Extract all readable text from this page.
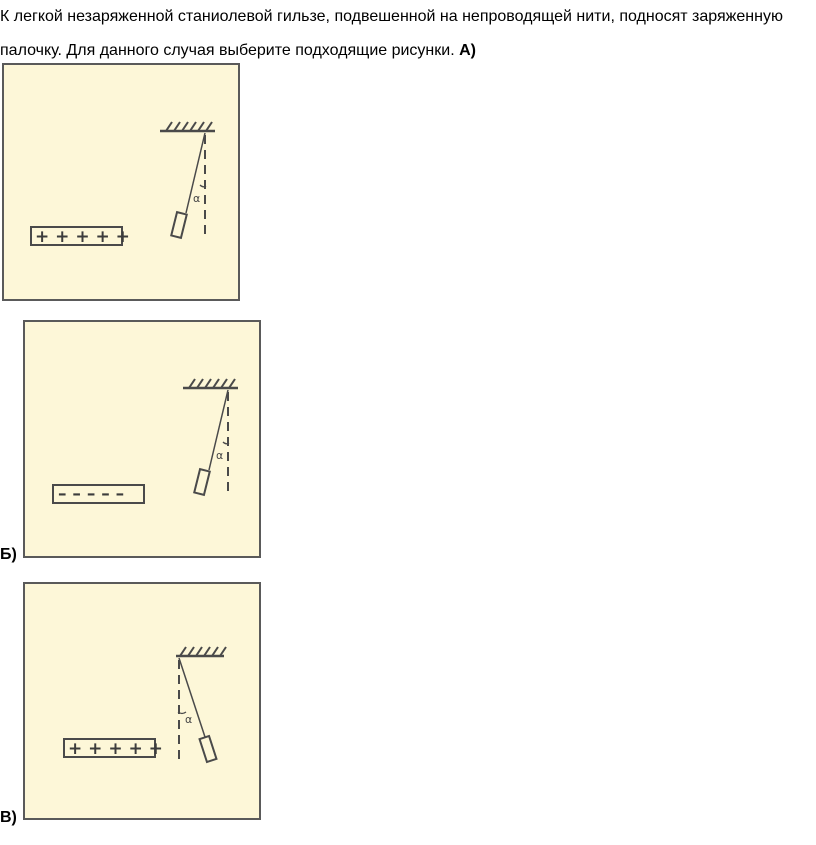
К легкой незаряженной станиолевой гильзе, подвешенной на непроводящей нити, подносят заряженную палочку. Для данного случая выберите подходящие рисунки. А)
α
+ + + + +
α
– – – – –
Б)
α
+ + + + +
В)
